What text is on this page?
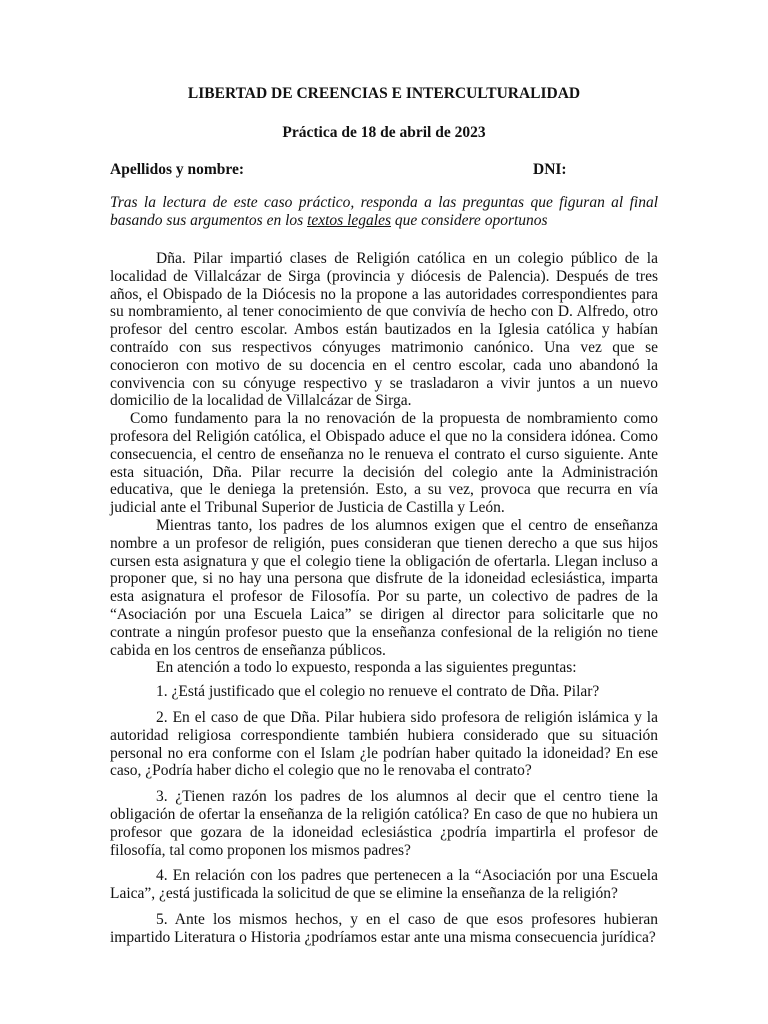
LIBERTAD DE CREENCIAS E INTERCULTURALIDAD
Práctica de 18 de abril de 2023
Apellidos y nombre:	DNI:

Tras la lectura de este caso práctico, responda a las preguntas que figuran al final basando sus argumentos en los textos legales que considere oportunos

Dña. Pilar impartió clases de Religión católica en un colegio público de la localidad de Villalcázar de Sirga (provincia y diócesis de Palencia). Después de tres años, el Obispado de la Diócesis no la propone a las autoridades correspondientes para su nombramiento, al tener conocimiento de que convivía de hecho con D. Alfredo, otro profesor del centro escolar. Ambos están bautizados en la Iglesia católica y habían contraído con sus respectivos cónyuges matrimonio canónico. Una vez que se conocieron con motivo de su docencia en el centro escolar, cada uno abandonó la convivencia con su cónyuge respectivo y se trasladaron a vivir juntos a un nuevo domicilio de la localidad de Villalcázar de Sirga.

Como fundamento para la no renovación de la propuesta de nombramiento como profesora del Religión católica, el Obispado aduce el que no la considera idónea. Como consecuencia, el centro de enseñanza no le renueva el contrato el curso siguiente. Ante esta situación, Dña. Pilar recurre la decisión del colegio ante la Administración educativa, que le deniega la pretensión. Esto, a su vez, provoca que recurra en vía judicial ante el Tribunal Superior de Justicia de Castilla y León.

Mientras tanto, los padres de los alumnos exigen que el centro de enseñanza nombre a un profesor de religión, pues consideran que tienen derecho a que sus hijos cursen esta asignatura y que el colegio tiene la obligación de ofertarla. Llegan incluso a proponer que, si no hay una persona que disfrute de la idoneidad eclesiástica, imparta esta asignatura el profesor de Filosofía. Por su parte, un colectivo de padres de la “Asociación por una Escuela Laica” se dirigen al director para solicitarle que no contrate a ningún profesor puesto que la enseñanza confesional de la religión no tiene cabida en los centros de enseñanza públicos.

En atención a todo lo expuesto, responda a las siguientes preguntas:

1. ¿Está justificado que el colegio no renueve el contrato de Dña. Pilar?

2. En el caso de que Dña. Pilar hubiera sido profesora de religión islámica y la autoridad religiosa correspondiente también hubiera considerado que su situación personal no era conforme con el Islam ¿le podrían haber quitado la idoneidad? En ese caso, ¿Podría haber dicho el colegio que no le renovaba el contrato?

3. ¿Tienen razón los padres de los alumnos al decir que el centro tiene la obligación de ofertar la enseñanza de la religión católica? En caso de que no hubiera un profesor que gozara de la idoneidad eclesiástica ¿podría impartirla el profesor de filosofía, tal como proponen los mismos padres?

4. En relación con los padres que pertenecen a la “Asociación por una Escuela Laica”, ¿está justificada la solicitud de que se elimine la enseñanza de la religión?

5. Ante los mismos hechos, y en el caso de que esos profesores hubieran impartido Literatura o Historia ¿podríamos estar ante una misma consecuencia jurídica?
